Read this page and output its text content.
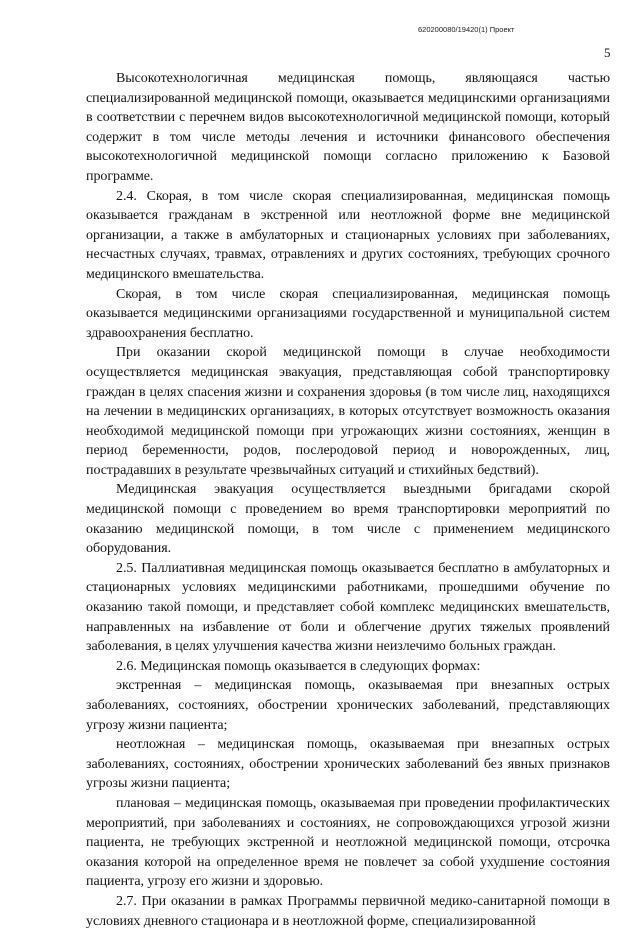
620200080/19420(1) Проект
5

Высокотехнологичная медицинская помощь, являющаяся частью специализированной медицинской помощи, оказывается медицинскими организациями в соответствии с перечнем видов высокотехнологичной медицинской помощи, который содержит в том числе методы лечения и источники финансового обеспечения высокотехнологичной медицинской помощи согласно приложению к Базовой программе.

2.4. Скорая, в том числе скорая специализированная, медицинская помощь оказывается гражданам в экстренной или неотложной форме вне медицинской организации, а также в амбулаторных и стационарных условиях при заболеваниях, несчастных случаях, травмах, отравлениях и других состояниях, требующих срочного медицинского вмешательства.

Скорая, в том числе скорая специализированная, медицинская помощь оказывается медицинскими организациями государственной и муниципальной систем здравоохранения бесплатно.

При оказании скорой медицинской помощи в случае необходимости осуществляется медицинская эвакуация, представляющая собой транспортировку граждан в целях спасения жизни и сохранения здоровья (в том числе лиц, находящихся на лечении в медицинских организациях, в которых отсутствует возможность оказания необходимой медицинской помощи при угрожающих жизни состояниях, женщин в период беременности, родов, послеродовой период и новорожденных, лиц, пострадавших в результате чрезвычайных ситуаций и стихийных бедствий).

Медицинская эвакуация осуществляется выездными бригадами скорой медицинской помощи с проведением во время транспортировки мероприятий по оказанию медицинской помощи, в том числе с применением медицинского оборудования.

2.5. Паллиативная медицинская помощь оказывается бесплатно в амбулаторных и стационарных условиях медицинскими работниками, прошедшими обучение по оказанию такой помощи, и представляет собой комплекс медицинских вмешательств, направленных на избавление от боли и облегчение других тяжелых проявлений заболевания, в целях улучшения качества жизни неизлечимо больных граждан.

2.6. Медицинская помощь оказывается в следующих формах:

экстренная – медицинская помощь, оказываемая при внезапных острых заболеваниях, состояниях, обострении хронических заболеваний, представляющих угрозу жизни пациента;

неотложная – медицинская помощь, оказываемая при внезапных острых заболеваниях, состояниях, обострении хронических заболеваний без явных признаков угрозы жизни пациента;

плановая – медицинская помощь, оказываемая при проведении профилактических мероприятий, при заболеваниях и состояниях, не сопровождающихся угрозой жизни пациента, не требующих экстренной и неотложной медицинской помощи, отсрочка оказания которой на определенное время не повлечет за собой ухудшение состояния пациента, угрозу его жизни и здоровью.

2.7. При оказании в рамках Программы первичной медико-санитарной помощи в условиях дневного стационара и в неотложной форме, специализированной
